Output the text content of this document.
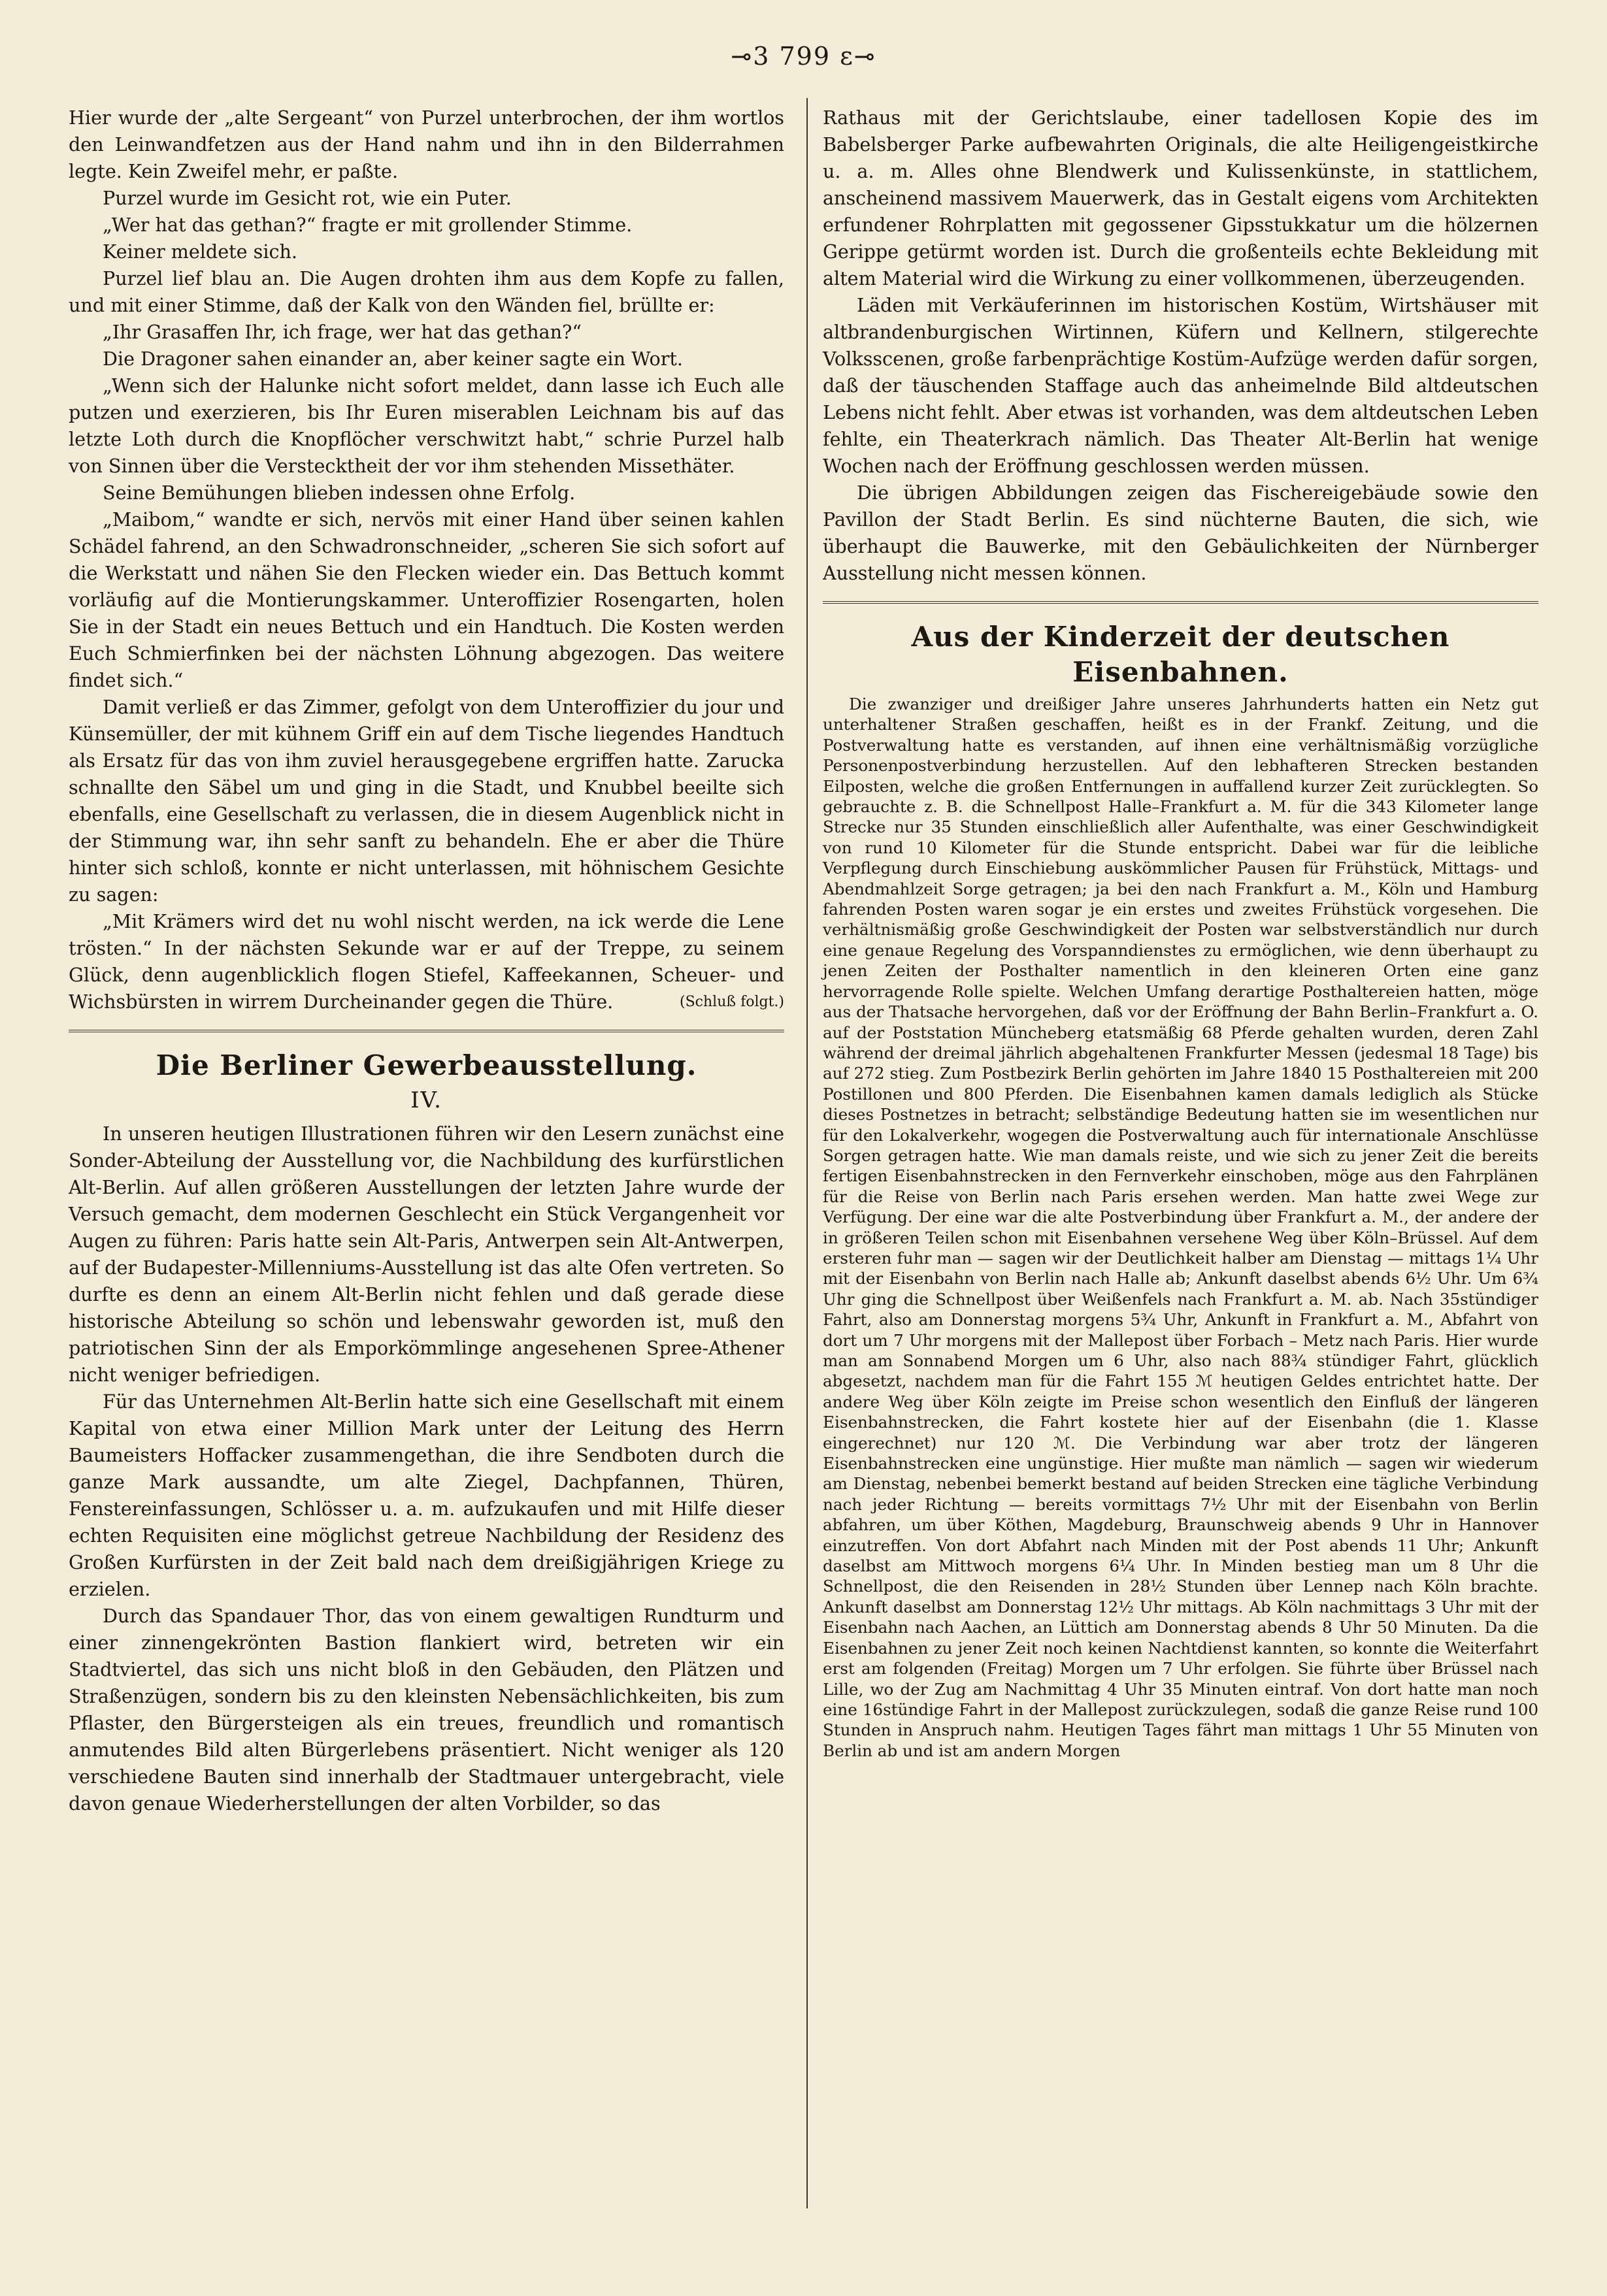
⊸3 799 ε⊸

Hier wurde der „alte Sergeant“ von Purzel unterbrochen, der ihm wortlos den Leinwandfetzen aus der Hand nahm und ihn in den Bilderrahmen legte. Kein Zweifel mehr, er paßte.

Purzel wurde im Gesicht rot, wie ein Puter.

„Wer hat das gethan?“ fragte er mit grollender Stimme.

Keiner meldete sich.

Purzel lief blau an. Die Augen drohten ihm aus dem Kopfe zu fallen, und mit einer Stimme, daß der Kalk von den Wänden fiel, brüllte er:

„Ihr Grasaffen Ihr, ich frage, wer hat das gethan?“

Die Dragoner sahen einander an, aber keiner sagte ein Wort.

„Wenn sich der Halunke nicht sofort meldet, dann lasse ich Euch alle putzen und exerzieren, bis Ihr Euren miserablen Leichnam bis auf das letzte Loth durch die Knopflöcher verschwitzt habt,“ schrie Purzel halb von Sinnen über die Verstecktheit der vor ihm stehenden Missethäter.

Seine Bemühungen blieben indessen ohne Erfolg.

„Maibom,“ wandte er sich, nervös mit einer Hand über seinen kahlen Schädel fahrend, an den Schwadronschneider, „scheren Sie sich sofort auf die Werkstatt und nähen Sie den Flecken wieder ein. Das Bettuch kommt vorläufig auf die Montierungskammer. Unteroffizier Rosengarten, holen Sie in der Stadt ein neues Bettuch und ein Handtuch. Die Kosten werden Euch Schmierfinken bei der nächsten Löhnung abgezogen. Das weitere findet sich.“

Damit verließ er das Zimmer, gefolgt von dem Unteroffizier du jour und Künsemüller, der mit kühnem Griff ein auf dem Tische liegendes Handtuch als Ersatz für das von ihm zuviel herausgegebene ergriffen hatte. Zarucka schnallte den Säbel um und ging in die Stadt, und Knubbel beeilte sich ebenfalls, eine Gesellschaft zu verlassen, die in diesem Augenblick nicht in der Stimmung war, ihn sehr sanft zu behandeln. Ehe er aber die Thüre hinter sich schloß, konnte er nicht unterlassen, mit höhnischem Gesichte zu sagen:

„Mit Krämers wird det nu wohl nischt werden, na ick werde die Lene trösten.“ In der nächsten Sekunde war er auf der Treppe, zu seinem Glück, denn augenblicklich flogen Stiefel, Kaffeekannen, Scheuer- und Wichsbürsten in wirrem Durcheinander gegen die Thüre.	(Schluß folgt.)

Die Berliner Gewerbeausstellung.
IV.

In unseren heutigen Illustrationen führen wir den Lesern zunächst eine Sonder-Abteilung der Ausstellung vor, die Nachbildung des kurfürstlichen Alt-Berlin. Auf allen größeren Ausstellungen der letzten Jahre wurde der Versuch gemacht, dem modernen Geschlecht ein Stück Vergangenheit vor Augen zu führen: Paris hatte sein Alt-Paris, Antwerpen sein Alt-Antwerpen, auf der Budapester-Millenniums-Ausstellung ist das alte Ofen vertreten. So durfte es denn an einem Alt-Berlin nicht fehlen und daß gerade diese historische Abteilung so schön und lebenswahr geworden ist, muß den patriotischen Sinn der als Emporkömmlinge angesehenen Spree-Athener nicht weniger befriedigen.

Für das Unternehmen Alt-Berlin hatte sich eine Gesellschaft mit einem Kapital von etwa einer Million Mark unter der Leitung des Herrn Baumeisters Hoffacker zusammengethan, die ihre Sendboten durch die ganze Mark aussandte, um alte Ziegel, Dachpfannen, Thüren, Fenstereinfassungen, Schlösser u. a. m. aufzukaufen und mit Hilfe dieser echten Requisiten eine möglichst getreue Nachbildung der Residenz des Großen Kurfürsten in der Zeit bald nach dem dreißigjährigen Kriege zu erzielen.

Durch das Spandauer Thor, das von einem gewaltigen Rundturm und einer zinnengekrönten Bastion flankiert wird, betreten wir ein Stadtviertel, das sich uns nicht bloß in den Gebäuden, den Plätzen und Straßenzügen, sondern bis zu den kleinsten Nebensächlichkeiten, bis zum Pflaster, den Bürgersteigen als ein treues, freundlich und romantisch anmutendes Bild alten Bürgerlebens präsentiert. Nicht weniger als 120 verschiedene Bauten sind innerhalb der Stadtmauer untergebracht, viele davon genaue Wiederherstellungen der alten Vorbilder, so das

Rathaus mit der Gerichtslaube, einer tadellosen Kopie des im Babelsberger Parke aufbewahrten Originals, die alte Heiligengeistkirche u. a. m. Alles ohne Blendwerk und Kulissenkünste, in stattlichem, anscheinend massivem Mauerwerk, das in Gestalt eigens vom Architekten erfundener Rohrplatten mit gegossener Gipsstukkatur um die hölzernen Gerippe getürmt worden ist. Durch die großenteils echte Bekleidung mit altem Material wird die Wirkung zu einer vollkommenen, überzeugenden.

Läden mit Verkäuferinnen im historischen Kostüm, Wirtshäuser mit altbrandenburgischen Wirtinnen, Küfern und Kellnern, stilgerechte Volksscenen, große farbenprächtige Kostüm-Aufzüge werden dafür sorgen, daß der täuschenden Staffage auch das anheimelnde Bild altdeutschen Lebens nicht fehlt. Aber etwas ist vorhanden, was dem altdeutschen Leben fehlte, ein Theaterkrach nämlich. Das Theater Alt-Berlin hat wenige Wochen nach der Eröffnung geschlossen werden müssen.

Die übrigen Abbildungen zeigen das Fischereigebäude sowie den Pavillon der Stadt Berlin. Es sind nüchterne Bauten, die sich, wie überhaupt die Bauwerke, mit den Gebäulichkeiten der Nürnberger Ausstellung nicht messen können.

Aus der Kinderzeit der deutschen Eisenbahnen.

Die zwanziger und dreißiger Jahre unseres Jahrhunderts hatten ein Netz gut unterhaltener Straßen geschaffen, heißt es in der Frankf. Zeitung, und die Postverwaltung hatte es verstanden, auf ihnen eine verhältnismäßig vorzügliche Personenpostverbindung herzustellen. Auf den lebhafteren Strecken bestanden Eilposten, welche die großen Entfernungen in auffallend kurzer Zeit zurücklegten. So gebrauchte z. B. die Schnellpost Halle–Frankfurt a. M. für die 343 Kilometer lange Strecke nur 35 Stunden einschließlich aller Aufenthalte, was einer Geschwindigkeit von rund 10 Kilometer für die Stunde entspricht. Dabei war für die leibliche Verpflegung durch Einschiebung auskömmlicher Pausen für Frühstück, Mittags- und Abendmahlzeit Sorge getragen; ja bei den nach Frankfurt a. M., Köln und Hamburg fahrenden Posten waren sogar je ein erstes und zweites Frühstück vorgesehen. Die verhältnismäßig große Geschwindigkeit der Posten war selbstverständlich nur durch eine genaue Regelung des Vorspanndienstes zu ermöglichen, wie denn überhaupt zu jenen Zeiten der Posthalter namentlich in den kleineren Orten eine ganz hervorragende Rolle spielte. Welchen Umfang derartige Posthaltereien hatten, möge aus der Thatsache hervorgehen, daß vor der Eröffnung der Bahn Berlin–Frankfurt a. O. auf der Poststation Müncheberg etatsmäßig 68 Pferde gehalten wurden, deren Zahl während der dreimal jährlich abgehaltenen Frankfurter Messen (jedesmal 18 Tage) bis auf 272 stieg. Zum Postbezirk Berlin gehörten im Jahre 1840 15 Posthaltereien mit 200 Postillonen und 800 Pferden. Die Eisenbahnen kamen damals lediglich als Stücke dieses Postnetzes in betracht; selbständige Bedeutung hatten sie im wesentlichen nur für den Lokalverkehr, wogegen die Postverwaltung auch für internationale Anschlüsse Sorgen getragen hatte. Wie man damals reiste, und wie sich zu jener Zeit die bereits fertigen Eisenbahnstrecken in den Fernverkehr einschoben, möge aus den Fahrplänen für die Reise von Berlin nach Paris ersehen werden. Man hatte zwei Wege zur Verfügung. Der eine war die alte Postverbindung über Frankfurt a. M., der andere der in größeren Teilen schon mit Eisenbahnen versehene Weg über Köln–Brüssel. Auf dem ersteren fuhr man — sagen wir der Deutlichkeit halber am Dienstag — mittags 1¼ Uhr mit der Eisenbahn von Berlin nach Halle ab; Ankunft daselbst abends 6½ Uhr. Um 6¾ Uhr ging die Schnellpost über Weißenfels nach Frankfurt a. M. ab. Nach 35stündiger Fahrt, also am Donnerstag morgens 5¾ Uhr, Ankunft in Frankfurt a. M., Abfahrt von dort um 7 Uhr morgens mit der Mallepost über Forbach – Metz nach Paris. Hier wurde man am Sonnabend Morgen um 6 Uhr, also nach 88¾ stündiger Fahrt, glücklich abgesetzt, nachdem man für die Fahrt 155 ℳ heutigen Geldes entrichtet hatte. Der andere Weg über Köln zeigte im Preise schon wesentlich den Einfluß der längeren Eisenbahnstrecken, die Fahrt kostete hier auf der Eisenbahn (die 1. Klasse eingerechnet) nur 120 ℳ. Die Verbindung war aber trotz der längeren Eisenbahnstrecken eine ungünstige. Hier mußte man nämlich — sagen wir wiederum am Dienstag, nebenbei bemerkt bestand auf beiden Strecken eine tägliche Verbindung nach jeder Richtung — bereits vormittags 7½ Uhr mit der Eisenbahn von Berlin abfahren, um über Köthen, Magdeburg, Braunschweig abends 9 Uhr in Hannover einzutreffen. Von dort Abfahrt nach Minden mit der Post abends 11 Uhr; Ankunft daselbst am Mittwoch morgens 6¼ Uhr. In Minden bestieg man um 8 Uhr die Schnellpost, die den Reisenden in 28½ Stunden über Lennep nach Köln brachte. Ankunft daselbst am Donnerstag 12½ Uhr mittags. Ab Köln nachmittags 3 Uhr mit der Eisenbahn nach Aachen, an Lüttich am Donnerstag abends 8 Uhr 50 Minuten. Da die Eisenbahnen zu jener Zeit noch keinen Nachtdienst kannten, so konnte die Weiterfahrt erst am folgenden (Freitag) Morgen um 7 Uhr erfolgen. Sie führte über Brüssel nach Lille, wo der Zug am Nachmittag 4 Uhr 35 Minuten eintraf. Von dort hatte man noch eine 16stündige Fahrt in der Mallepost zurückzulegen, sodaß die ganze Reise rund 100 Stunden in Anspruch nahm. Heutigen Tages fährt man mittags 1 Uhr 55 Minuten von Berlin ab und ist am andern Morgen
